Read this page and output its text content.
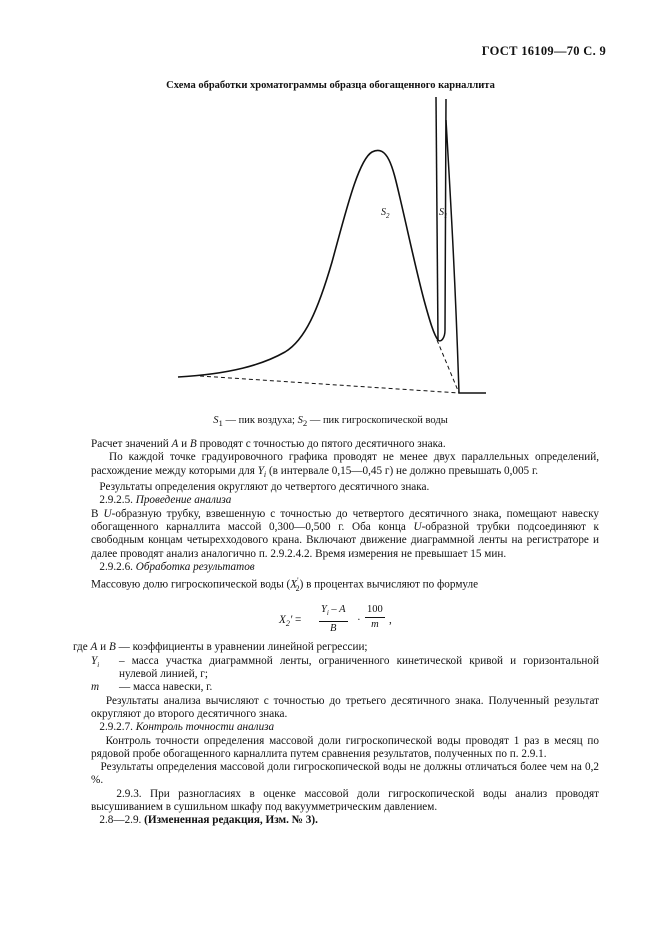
ГОСТ 16109—70 С. 9
Схема обработки хроматограммы образца обогащенного карналлита
$S_2$	$S_1$
$S_1$ — пик воздуха; $S_2$ — пик гигроскопической воды

Расчет значений A и B проводят с точностью до пятого десятичного знака.

По каждой точке градуировочного графика проводят не менее двух параллельных определений, расхождение между которыми для $Y_i$ (в интервале 0,15—0,45 г) не должно превышать 0,005 г.

Результаты определения округляют до четвертого десятичного знака.

2.9.2.5. Проведение анализа

В U-образную трубку, взвешенную с точностью до четвертого десятичного знака, помещают навеску обогащенного карналлита массой 0,300—0,500 г. Оба конца U-образной трубки подсоединяют к свободным концам четырехходового крана. Включают движение диаграммной ленты на регистраторе и далее проводят анализ аналогично п. 2.9.2.4.2. Время измерения не превышает 15 мин.

2.9.2.6. Обработка результатов

Массовую долю гигроскопической воды $(X'_2)$ в процентах вычисляют по формуле

$X_2' = \frac{Y_i - A}{B} \cdot \frac{100}{m}$ ,

где A и B — коэффициенты в уравнении линейной регрессии;

$Y_i$	– масса участка диаграммной ленты, ограниченного кинетической кривой и горизонтальной нулевой линией, г;
m	— масса навески, г.

Результаты анализа вычисляют с точностью до третьего десятичного знака. Полученный результат округляют до второго десятичного знака.

2.9.2.7. Контроль точности анализа

Контроль точности определения массовой доли гигроскопической воды проводят 1 раз в месяц по рядовой пробе обогащенного карналлита путем сравнения результатов, полученных по п. 2.9.1.

Результаты определения массовой доли гигроскопической воды не должны отличаться более чем на 0,2 %.

2.9.3. При разногласиях в оценке массовой доли гигроскопической воды анализ проводят высушиванием в сушильном шкафу под вакуумметрическим давлением.

2.8—2.9. (Измененная редакция, Изм. № 3).
